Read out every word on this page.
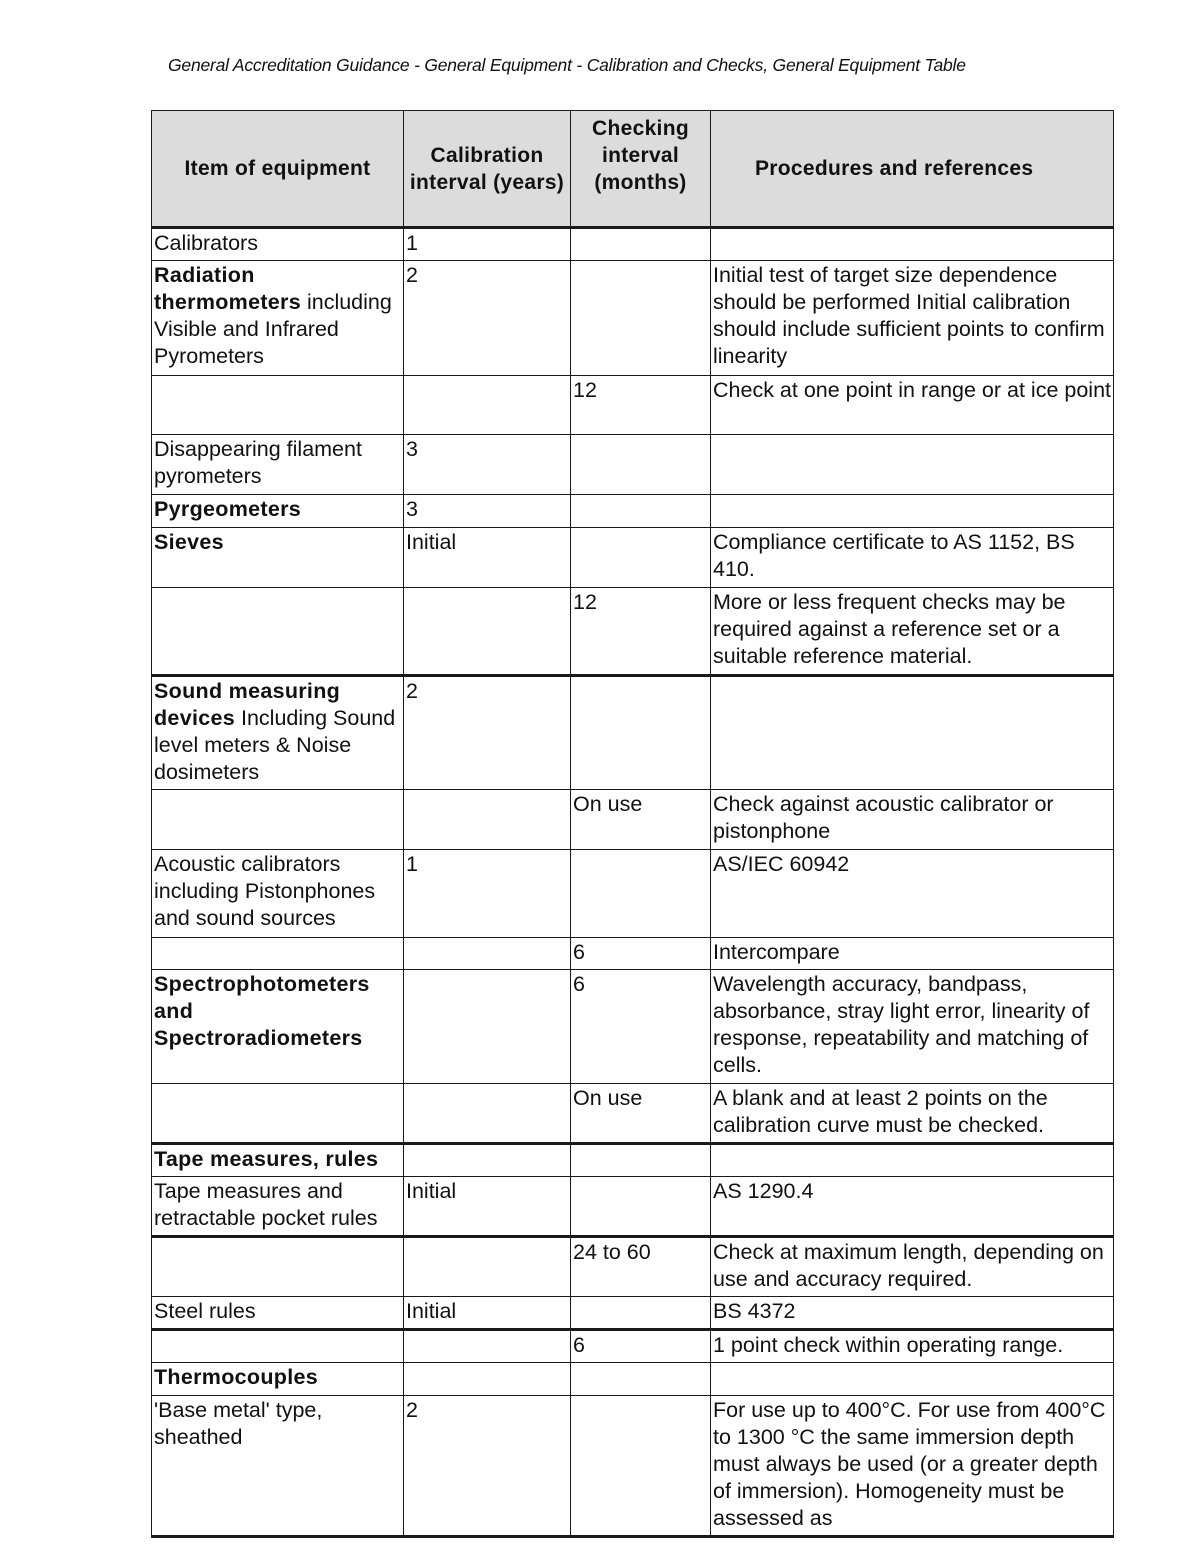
General Accreditation Guidance - General Equipment - Calibration and Checks, General Equipment Table
Item of equipment	Calibration interval (years)	Checking interval (months)	Procedures and references
Calibrators	1		
Radiation thermometers including Visible and Infrared Pyrometers	2		Initial test of target size dependence should be performed Initial calibration should include sufficient points to confirm linearity
		12	Check at one point in range or at ice point
Disappearing filament pyrometers	3		
Pyrgeometers	3		
Sieves	Initial		Compliance certificate to AS 1152, BS 410.
		12	More or less frequent checks may be required against a reference set or a suitable reference material.
Sound measuring devices Including Sound level meters & Noise dosimeters	2		
		On use	Check against acoustic calibrator or pistonphone
Acoustic calibrators including Pistonphones and sound sources	1		AS/IEC 60942
		6	Intercompare
Spectrophotometers and Spectroradiometers		6	Wavelength accuracy, bandpass, absorbance, stray light error, linearity of response, repeatability and matching of cells.
		On use	A blank and at least 2 points on the calibration curve must be checked.
Tape measures, rules			
Tape measures and retractable pocket rules	Initial		AS 1290.4
		24 to 60	Check at maximum length, depending on use and accuracy required.
Steel rules	Initial		BS 4372
		6	1 point check within operating range.
Thermocouples			
'Base metal' type, sheathed	2		For use up to 400°C. For use from 400°C to 1300 °C the same immersion depth must always be used (or a greater depth of immersion). Homogeneity must be assessed as
